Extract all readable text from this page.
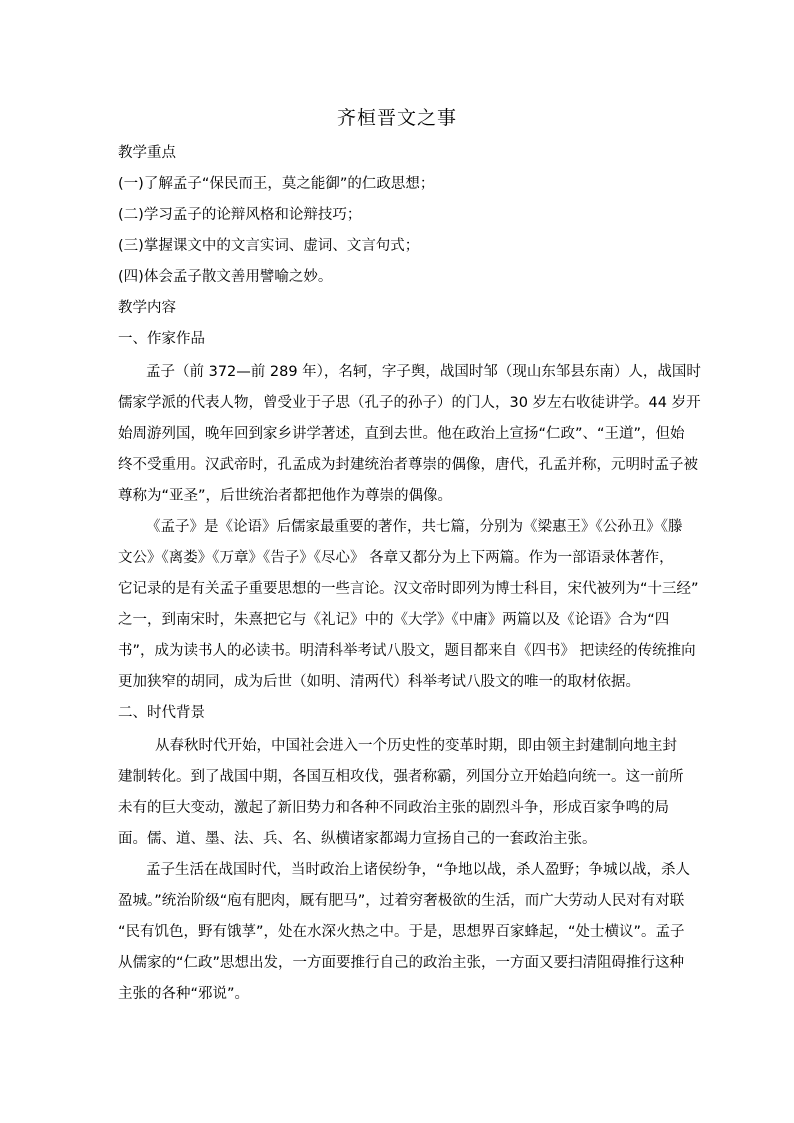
齐桓晋文之事
教学重点
(一)了解孟子“保民而王，莫之能御”的仁政思想；
(二)学习孟子的论辩风格和论辩技巧；
(三)掌握课文中的文言实词、虚词、文言句式；
(四)体会孟子散文善用譬喻之妙。
教学内容
一、作家作品
孟子（前 372—前 289 年），名轲，字子舆，战国时邹（现山东邹县东南）人，战国时
儒家学派的代表人物，曾受业于子思（孔子的孙子）的门人，30 岁左右收徒讲学。44 岁开
始周游列国，晚年回到家乡讲学著述，直到去世。他在政治上宣扬“仁政”、“王道”，但始
终不受重用。汉武帝时，孔孟成为封建统治者尊崇的偶像，唐代，孔孟并称，元明时孟子被
尊称为“亚圣”，后世统治者都把他作为尊崇的偶像。
《孟子》是《论语》后儒家最重要的著作，共七篇，分别为《梁惠王》《公孙丑》《滕
文公》《离娄》《万章》《告子》《尽心》 各章又都分为上下两篇。作为一部语录体著作，
它记录的是有关孟子重要思想的一些言论。汉文帝时即列为博士科目，宋代被列为“十三经”
之一，到南宋时，朱熹把它与《礼记》中的《大学》《中庸》两篇以及《论语》合为“四
书”，成为读书人的必读书。明清科举考试八股文，题目都来自《四书》 把读经的传统推向
更加狭窄的胡同，成为后世（如明、清两代）科举考试八股文的唯一的取材依据。
二、时代背景
从春秋时代开始，中国社会进入一个历史性的变革时期，即由领主封建制向地主封
建制转化。到了战国中期，各国互相攻伐，强者称霸，列国分立开始趋向统一。这一前所
未有的巨大变动，激起了新旧势力和各种不同政治主张的剧烈斗争，形成百家争鸣的局
面。儒、道、墨、法、兵、名、纵横诸家都竭力宣扬自己的一套政治主张。
孟子生活在战国时代，当时政治上诸侯纷争，“争地以战，杀人盈野；争城以战，杀人
盈城。”统治阶级“庖有肥肉，厩有肥马”，过着穷奢极欲的生活，而广大劳动人民对有对联
“民有饥色，野有饿莩”，处在水深火热之中。于是，思想界百家蜂起，“处士横议”。孟子
从儒家的“仁政”思想出发，一方面要推行自己的政治主张，一方面又要扫清阻碍推行这种
主张的各种“邪说”。
